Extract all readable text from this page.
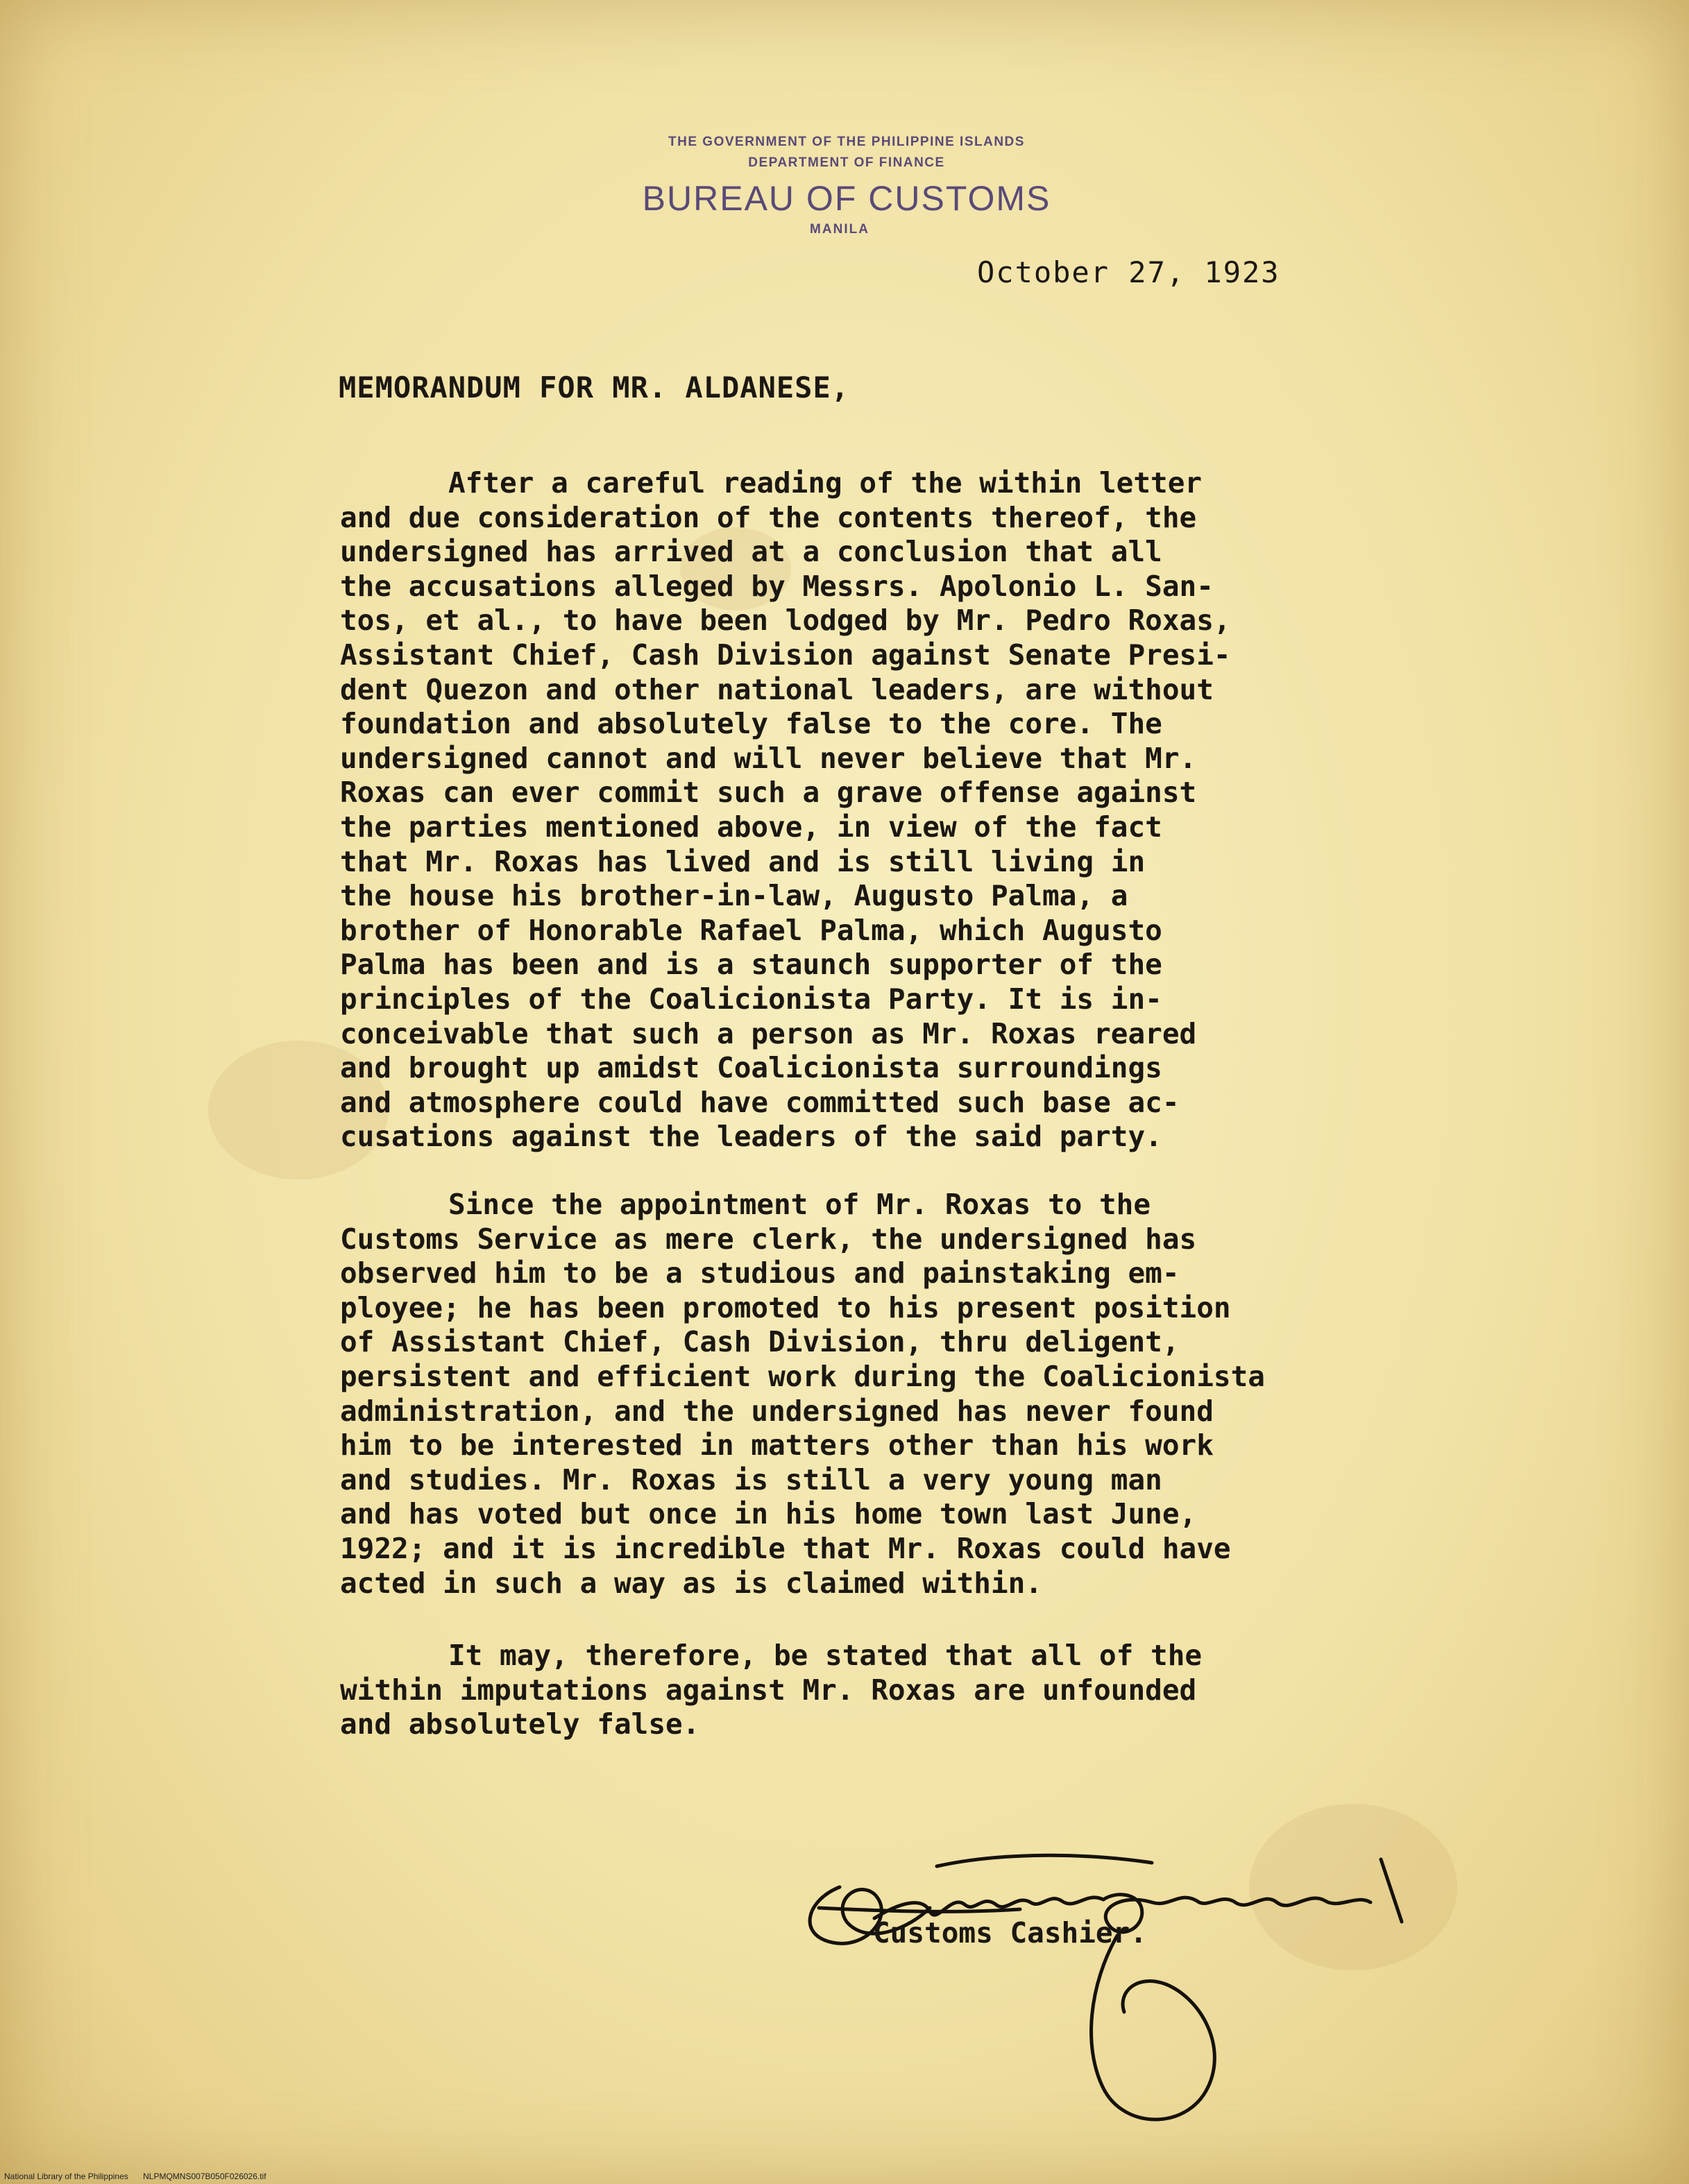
THE GOVERNMENT OF THE PHILIPPINE ISLANDS
DEPARTMENT OF FINANCE
BUREAU OF CUSTOMS
MANILA
October 27, 1923
MEMORANDUM FOR MR. ALDANESE,

After a careful reading of the within letter
and due consideration of the contents thereof, the
undersigned has arrived at a conclusion that all
the accusations alleged by Messrs. Apolonio L. San-
tos, et al., to have been lodged by Mr. Pedro Roxas,
Assistant Chief, Cash Division against Senate Presi-
dent Quezon and other national leaders, are without
foundation and absolutely false to the core. The
undersigned cannot and will never believe that Mr.
Roxas can ever commit such a grave offense against
the parties mentioned above, in view of the fact
that Mr. Roxas has lived and is still living in
the house his brother-in-law, Augusto Palma, a
brother of Honorable Rafael Palma, which Augusto
Palma has been and is a staunch supporter of the
principles of the Coalicionista Party. It is in-
conceivable that such a person as Mr. Roxas reared
and brought up amidst Coalicionista surroundings
and atmosphere could have committed such base ac-
cusations against the leaders of the said party.

Since the appointment of Mr. Roxas to the
Customs Service as mere clerk, the undersigned has
observed him to be a studious and painstaking em-
ployee; he has been promoted to his present position
of Assistant Chief, Cash Division, thru deligent,
persistent and efficient work during the Coalicionista
administration, and the undersigned has never found
him to be interested in matters other than his work
and studies. Mr. Roxas is still a very young man
and has voted but once in his home town last June,
1922; and it is incredible that Mr. Roxas could have
acted in such a way as is claimed within.

It may, therefore, be stated that all of the
within imputations against Mr. Roxas are unfounded
and absolutely false.

Customs Cashier.
National Library of the Philippines NLPMQMNS007B050F026026.tif
